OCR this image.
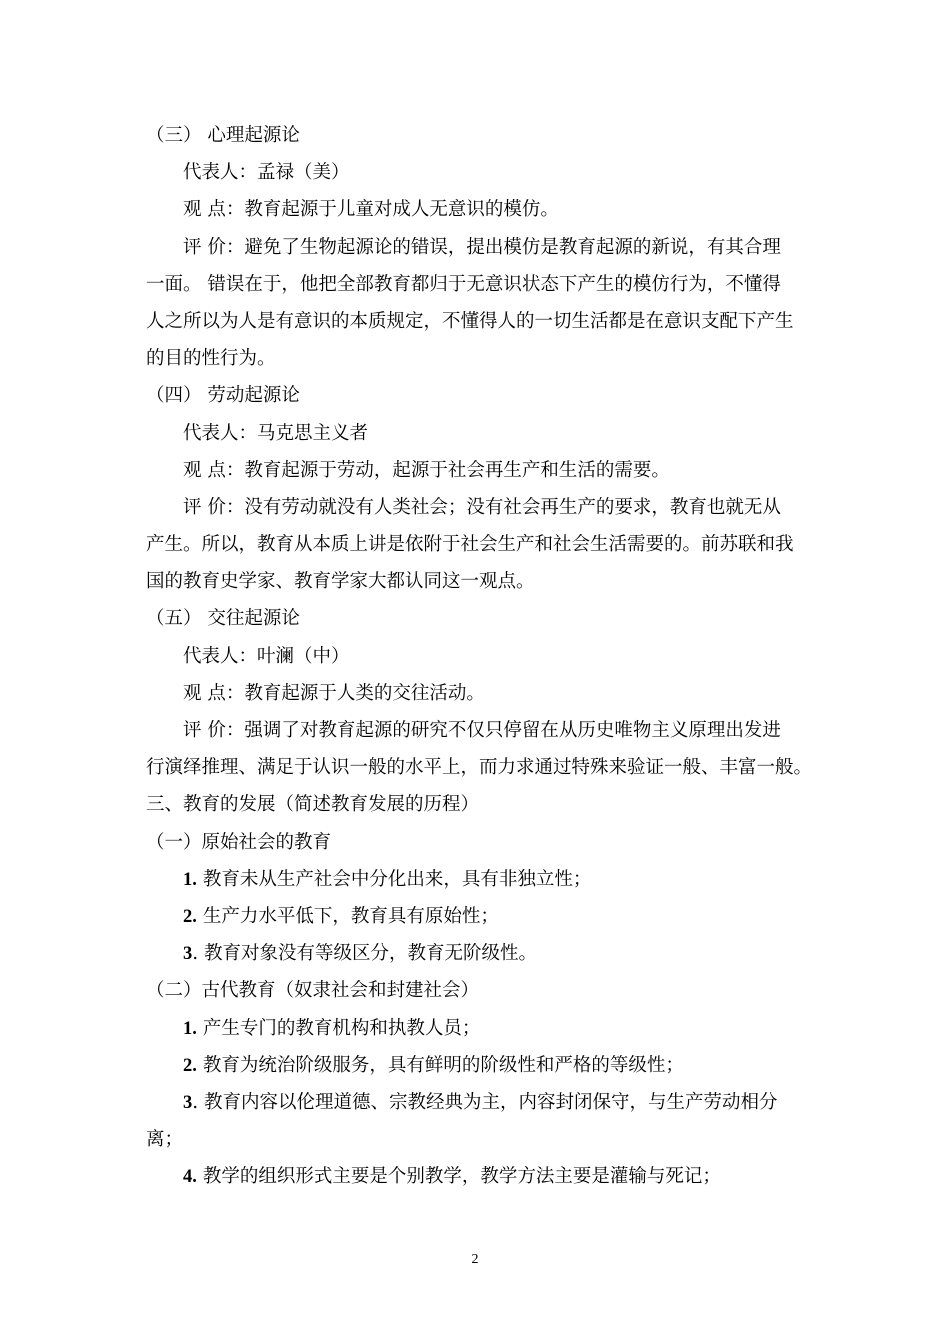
（三） 心理起源论
代表人：孟禄（美）
观 点：教育起源于儿童对成人无意识的模仿。
评 价：避免了生物起源论的错误，提出模仿是教育起源的新说，有其合理
一面。 错误在于，他把全部教育都归于无意识状态下产生的模仿行为，不懂得
人之所以为人是有意识的本质规定，不懂得人的一切生活都是在意识支配下产生
的目的性行为。
（四） 劳动起源论
代表人：马克思主义者
观 点：教育起源于劳动，起源于社会再生产和生活的需要。
评 价：没有劳动就没有人类社会；没有社会再生产的要求，教育也就无从
产生。所以，教育从本质上讲是依附于社会生产和社会生活需要的。前苏联和我
国的教育史学家、教育学家大都认同这一观点。
（五） 交往起源论
代表人：叶澜（中）
观 点：教育起源于人类的交往活动。
评 价：强调了对教育起源的研究不仅只停留在从历史唯物主义原理出发进
行演绎推理、满足于认识一般的水平上，而力求通过特殊来验证一般、丰富一般。
三、教育的发展（简述教育发展的历程）
（一）原始社会的教育
1. 教育未从生产社会中分化出来，具有非独立性；
2. 生产力水平低下，教育具有原始性；
3. 教育对象没有等级区分，教育无阶级性。
（二）古代教育（奴隶社会和封建社会）
1. 产生专门的教育机构和执教人员；
2. 教育为统治阶级服务，具有鲜明的阶级性和严格的等级性；
3. 教育内容以伦理道德、宗教经典为主，内容封闭保守，与生产劳动相分
离；
4. 教学的组织形式主要是个别教学，教学方法主要是灌输与死记；
2
